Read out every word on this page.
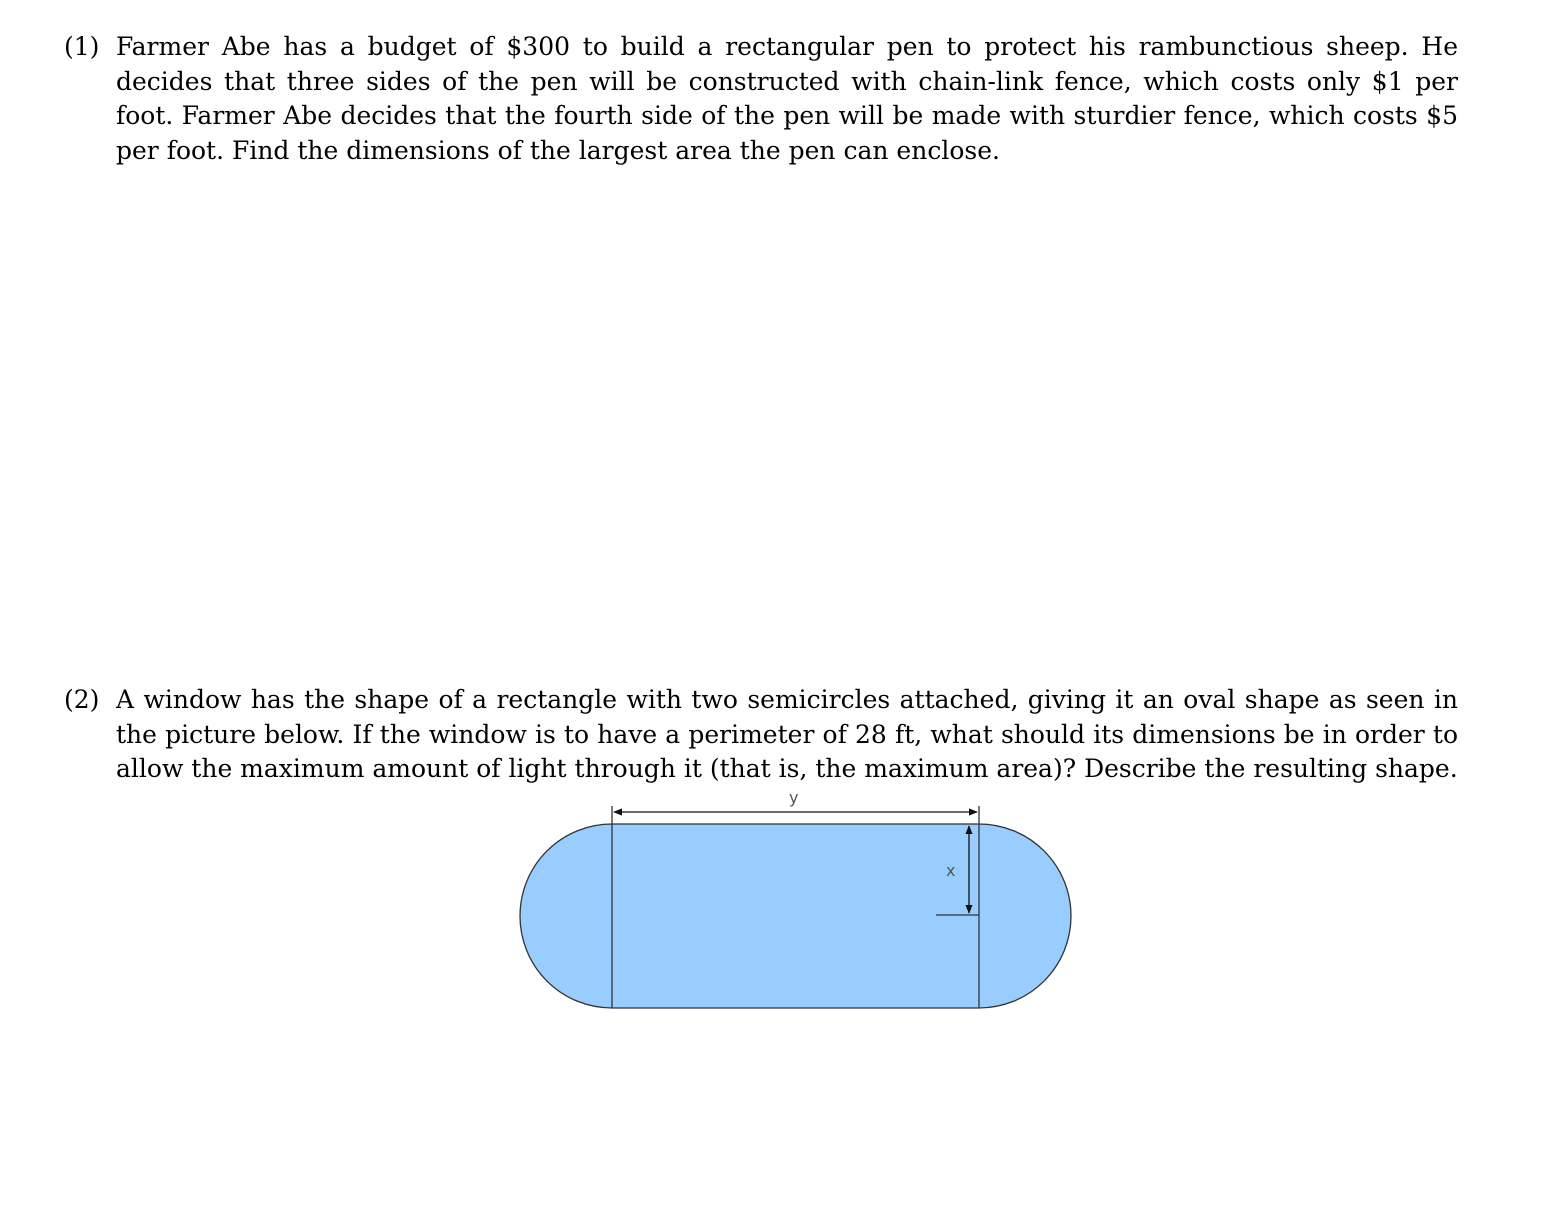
(1) Farmer Abe has a budget of $300 to build a rectangular pen to protect his rambunctious sheep. He decides that three sides of the pen will be constructed with chain-link fence, which costs only $1 per foot. Farmer Abe decides that the fourth side of the pen will be made with sturdier fence, which costs $5 per foot. Find the dimensions of the largest area the pen can enclose.
(2) A window has the shape of a rectangle with two semicircles attached, giving it an oval shape as seen in the picture below. If the window is to have a perimeter of 28 ft, what should its dimensions be in order to allow the maximum amount of light through it (that is, the maximum area)? Describe the resulting shape.
y
x
